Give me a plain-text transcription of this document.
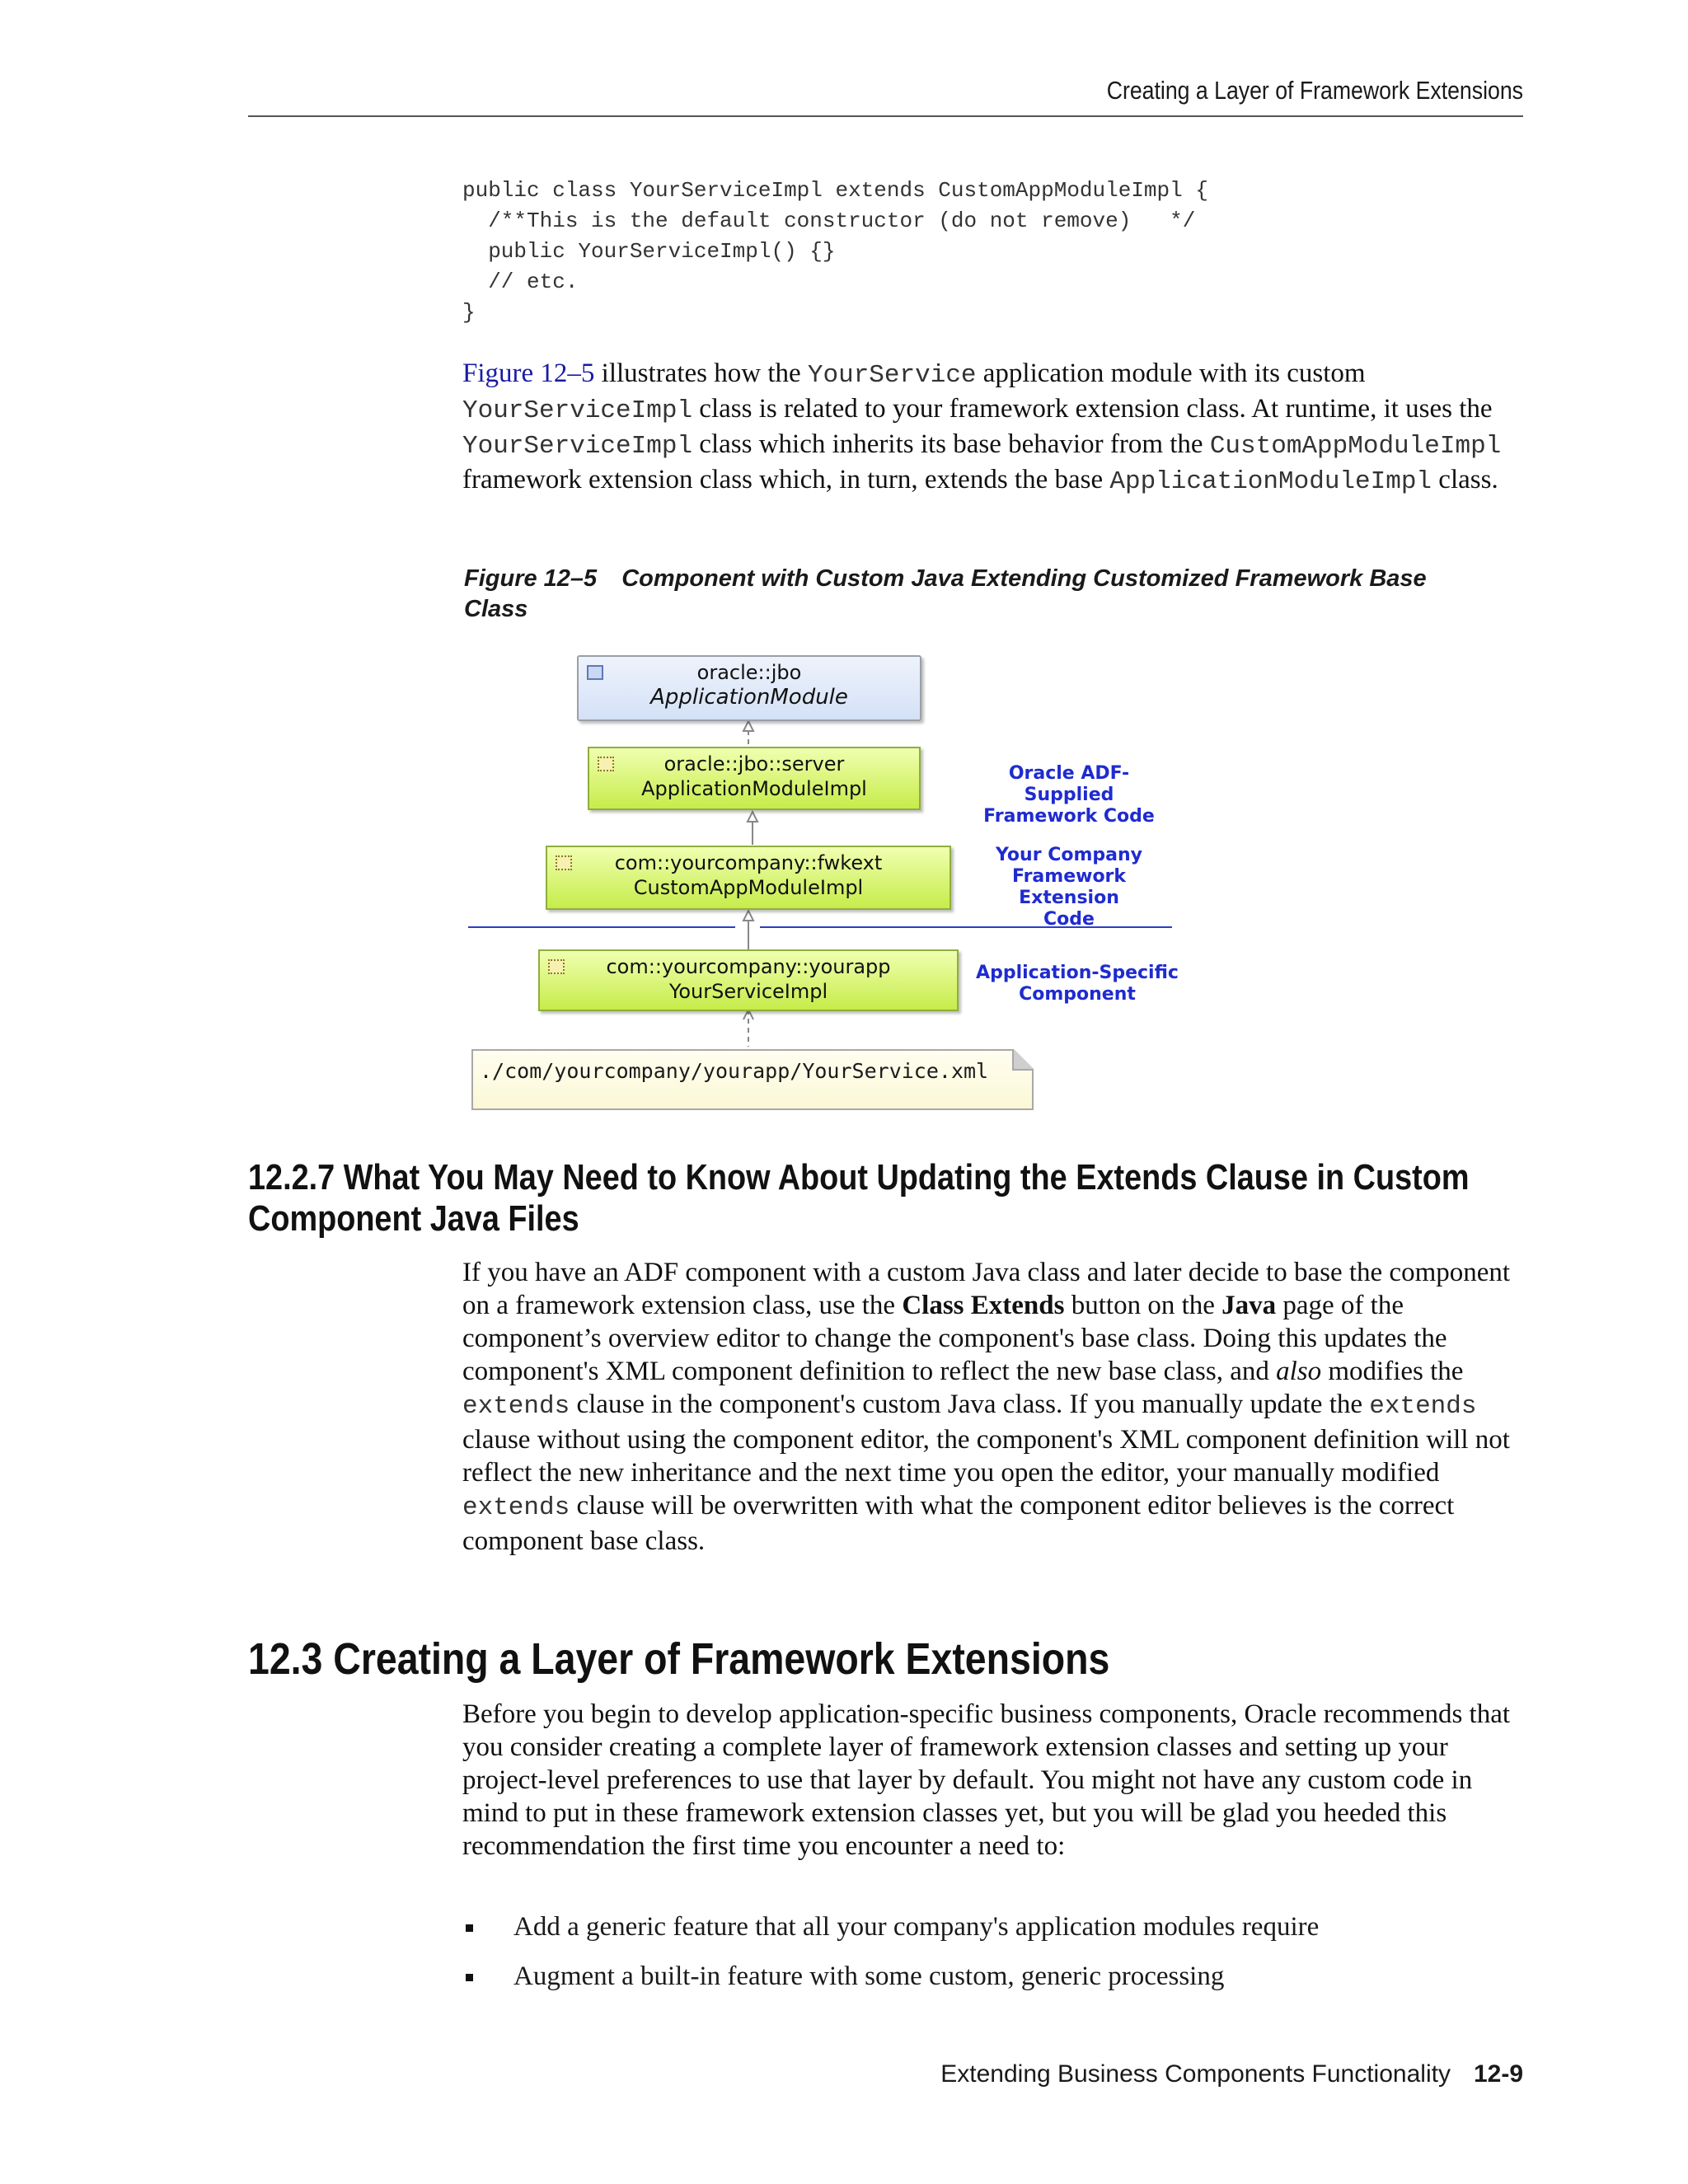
Creating a Layer of Framework Extensions
public class YourServiceImpl extends CustomAppModuleImpl {
/**This is the default constructor (do not remove)   */
public YourServiceImpl() {}
// etc.
}

Figure 12–5 illustrates how the YourService application module with its custom YourServiceImpl class is related to your framework extension class. At runtime, it uses the YourServiceImpl class which inherits its base behavior from the CustomAppModuleImpl framework extension class which, in turn, extends the base ApplicationModuleImpl class.

Figure 12–5 Component with Custom Java Extending Customized Framework Base Class
oracle::jbo
ApplicationModule
oracle::jbo::server
ApplicationModuleImpl
com::yourcompany::fwkext
CustomAppModuleImpl
com::yourcompany::yourapp
YourServiceImpl
./com/yourcompany/yourapp/YourService.xml
Oracle ADF-Supplied
Framework Code
Your Company
Framework Extension
Code
Application-Specific
Component
12.2.7 What You May Need to Know About Updating the Extends Clause in Custom
Component Java Files

If you have an ADF component with a custom Java class and later decide to base the component on a framework extension class, use the Class Extends button on the Java page of the component’s overview editor to change the component's base class. Doing this updates the component's XML component definition to reflect the new base class, and also modifies the extends clause in the component's custom Java class. If you manually update the extends clause without using the component editor, the component's XML component definition will not reflect the new inheritance and the next time you open the editor, your manually modified extends clause will be overwritten with what the component editor believes is the correct component base class.

12.3 Creating a Layer of Framework Extensions

Before you begin to develop application-specific business components, Oracle recommends that you consider creating a complete layer of framework extension classes and setting up your project-level preferences to use that layer by default. You might not have any custom code in mind to put in these framework extension classes yet, but you will be glad you heeded this recommendation the first time you encounter a need to:

Add a generic feature that all your company's application modules require
Augment a built-in feature with some custom, generic processing
Extending Business Components Functionality 12-9
